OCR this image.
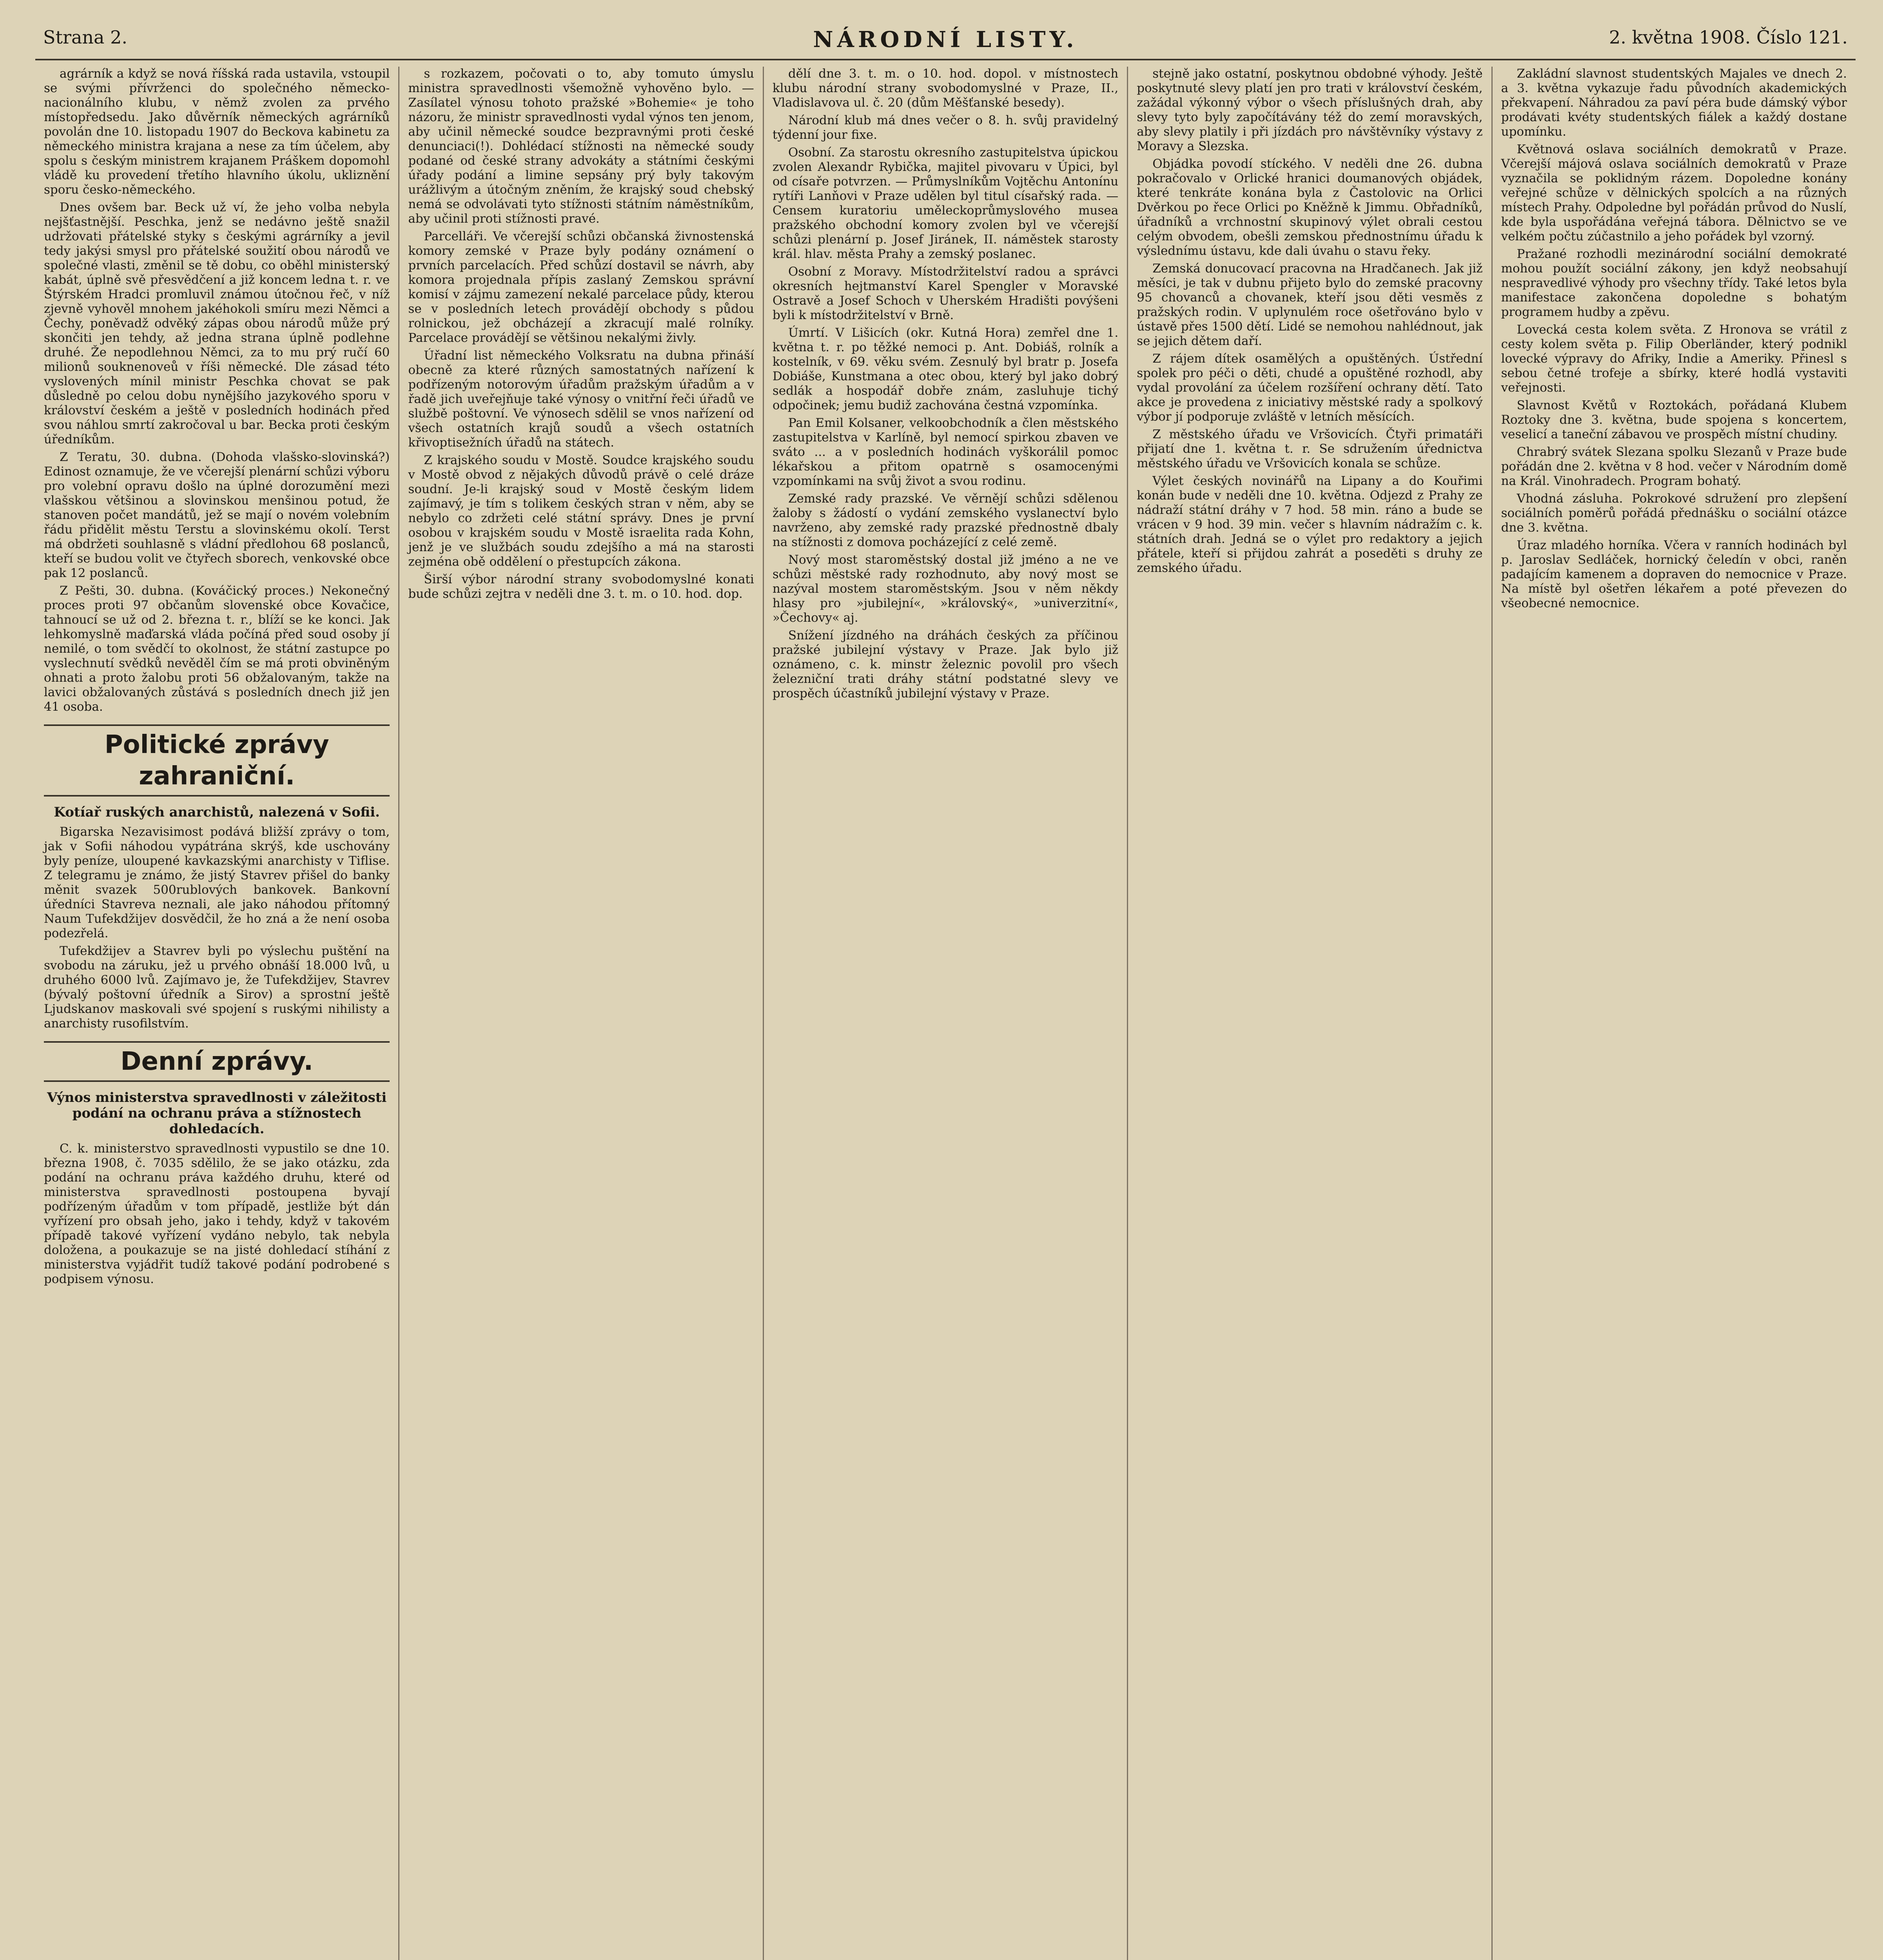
Strana 2.	NÁRODNÍ LISTY.	2. května 1908. Číslo 121.

agrárník a když se nová říšská rada ustavila, vstoupil se svými přívrženci do společného německo-nacionálního klubu, v němž zvolen za prvého místopředsedu. Jako důvěrník německých agrárníků povolán dne 10. listopadu 1907 do Beckova kabinetu za německého ministra krajana a nese za tím účelem, aby spolu s českým ministrem krajanem Práškem dopomohl vládě ku provedení třetího hlavního úkolu, ukliznění sporu česko-německého.

Dnes ovšem bar. Beck už ví, že jeho volba nebyla nejšťastnější. Peschka, jenž se nedávno ještě snažil udržovati přátelské styky s českými agrárníky a jevil tedy jakýsi smysl pro přátelské soužití obou národů ve společné vlasti, změnil se tě dobu, co oběhl ministerský kabát, úplně svě přesvědčení a již koncem ledna t. r. ve Štýrském Hradci promluvil známou útočnou řeč, v níž zjevně vyhověl mnohem jakéhokoli smíru mezi Němci a Čechy, poněvadž odvěký zápas obou národů může prý skončiti jen tehdy, až jedna strana úplně podlehne druhé. Že nepodlehnou Němci, za to mu prý ručí 60 milionů souknenoveů v říši německé. Dle zásad této vyslovených mínil ministr Peschka chovat se pak důsledně po celou dobu nynějšího jazykového sporu v království českém a ještě v posledních hodinách před svou náhlou smrtí zakročoval u bar. Becka proti českým úředníkům.

Z Teratu, 30. dubna. (Dohoda vlašsko-slovinská?) Edinost oznamuje, že ve včerejší plenární schůzi výboru pro volební opravu došlo na úplné dorozumění mezi vlašskou většinou a slovinskou menšinou potud, že stanoven počet mandátů, jež se mají o novém volebním řádu přidělit městu Terstu a slovinskému okolí. Terst má obdržeti souhlasně s vládní předlohou 68 poslanců, kteří se budou volit ve čtyřech sborech, venkovské obce pak 12 poslanců.

Z Pešti, 30. dubna. (Kováčický proces.) Nekonečný proces proti 97 občanům slovenské obce Kovačice, tahnoucí se už od 2. března t. r., blíží se ke konci. Jak lehkomyslně maďarská vláda počíná před soud osoby jí nemilé, o tom svědčí to okolnost, že státní zastupce po vyslechnutí svědků nevěděl čím se má proti obviněným ohnati a proto žalobu proti 56 obžalovaným, takže na lavici obžalovaných zůstává s posledních dnech již jen 41 osoba.

Politické zprávy zahraniční.
Kotíař ruských anarchistů, nalezená v Sofii.

Bigarska Nezavisimost podává bližší zprávy o tom, jak v Sofii náhodou vypátrána skrýš, kde uschovány byly peníze, uloupené kavkazskými anarchisty v Tiflise. Z telegramu je známo, že jistý Stavrev přišel do banky měnit svazek 500rublových bankovek. Bankovní úředníci Stavreva neznali, ale jako náhodou přítomný Naum Tufekdžijev dosvědčil, že ho zná a že není osoba podezřelá.

Tufekdžijev a Stavrev byli po výslechu puštění na svobodu na záruku, jež u prvého obnáší 18.000 lvů, u druhého 6000 lvů. Zajímavo je, že Tufekdžijev, Stavrev (bývalý poštovní úředník a Sirov) a sprostní ještě Ljudskanov maskovali své spojení s ruskými nihilisty a anarchisty rusofilstvím.

Denní zprávy.
Výnos ministerstva spravedlnosti v záležitosti podání na ochranu práva a stížnostech dohledacích.

C. k. ministerstvo spravedlnosti vypustilo se dne 10. března 1908, č. 7035 sdělilo, že se jako otázku, zda podání na ochranu práva každého druhu, které od ministerstva spravedlnosti postoupena byvají podřízeným úřadům v tom případě, jestliže být dán vyřízení pro obsah jeho, jako i tehdy, když v takovém případě takové vyřízení vydáno nebylo, tak nebyla doložena, a poukazuje se na jisté dohledací stíhání z ministerstva vyjádřit tudíž takové podání podrobené s podpisem výnosu.

s rozkazem, počovati o to, aby tomuto úmyslu ministra spravedlnosti všemožně vyhověno bylo. — Zasílatel výnosu tohoto pražské »Bohemie« je toho názoru, že ministr spravedlnosti vydal výnos ten jenom, aby učinil německé soudce bezpravnými proti české denunciaci(!). Dohlédací stížnosti na německé soudy podané od české strany advokáty a státními českými úřady podání a limine sepsány prý byly takovým urážlivým a útočným zněním, že krajský soud chebský nemá se odvolávati tyto stížnosti státním náměstníkům, aby učinil proti stížnosti pravé.

Parcelláři. Ve včerejší schůzi občanská živnostenská komory zemské v Praze byly podány oznámení o prvních parcelacích. Před schůzí dostavil se návrh, aby komora projednala přípis zaslaný Zemskou správní komisí v zájmu zamezení nekalé parcelace půdy, kterou se v posledních letech provádějí obchody s půdou rolnickou, jež obcházejí a zkracují malé rolníky. Parcelace provádějí se většinou nekalými živly.

Úřadní list německého Volksratu na dubna přináší obecně za které různých samostatných nařízení k podřízeným notorovým úřadům pražským úřadům a v řadě jich uveřejňuje také výnosy o vnitřní řeči úřadů ve službě poštovní. Ve výnosech sdělil se vnos nařízení od všech ostatních krajů soudů a všech ostatních křivoptisežních úřadů na státech.

Z krajského soudu v Mostě. Soudce krajského soudu v Mostě obvod z nějakých důvodů právě o celé dráze soudní. Je-li krajský soud v Mostě českým lidem zajímavý, je tím s tolikem českých stran v něm, aby se nebylo co zdržeti celé státní správy. Dnes je první osobou v krajském soudu v Mostě israelita rada Kohn, jenž je ve službách soudu zdejšího a má na starosti zejména obě oddělení o přestupcích zákona.

Širší výbor národní strany svobodomyslné konati bude schůzi zejtra v neděli dne 3. t. m. o 10. hod. dop.

dělí dne 3. t. m. o 10. hod. dopol. v místnostech klubu národní strany svobodomyslné v Praze, II., Vladislavova ul. č. 20 (dům Měšťanské besedy).

Národní klub má dnes večer o 8. h. svůj pravidelný týdenní jour fixe.

Osobní. Za starostu okresního zastupitelstva úpickou zvolen Alexandr Rybička, majitel pivovaru v Úpici, byl od císaře potvrzen. — Průmyslníkům Vojtěchu Antonínu rytíři Lanňovi v Praze udělen byl titul císařský rada. — Censem kuratoriu uměleckoprůmyslového musea pražského obchodní komory zvolen byl ve včerejší schůzi plenární p. Josef Jiránek, II. náměstek starosty král. hlav. města Prahy a zemský poslanec.

Osobní z Moravy. Místodržitelství radou a správci okresních hejtmanství Karel Spengler v Moravské Ostravě a Josef Schoch v Uherském Hradišti povýšeni byli k místodržitelství v Brně.

Úmrtí. V Lišicích (okr. Kutná Hora) zemřel dne 1. května t. r. po těžké nemoci p. Ant. Dobiáš, rolník a kostelník, v 69. věku svém. Zesnulý byl bratr p. Josefa Dobiáše, Kunstmana a otec obou, který byl jako dobrý sedlák a hospodář dobře znám, zasluhuje tichý odpočinek; jemu budiž zachována čestná vzpomínka.

Pan Emil Kolsaner, velkoobchodník a člen městského zastupitelstva v Karlíně, byl nemocí spirkou zbaven ve sváto ... a v posledních hodinách vyškorálil pomoc lékařskou a přitom opatrně s osamocenými vzpomínkami na svůj život a svou rodinu.

Zemské rady prazské. Ve věrnějí schůzi sdělenou žaloby s žádostí o vydání zemského vyslanectví bylo navrženo, aby zemské rady prazské přednostně dbaly na stížnosti z domova pocházející z celé země.

Nový most staroměstský dostal již jméno a ne ve schůzi městské rady rozhodnuto, aby nový most se nazýval mostem staroměstským. Jsou v něm někdy hlasy pro »jubilejní«, »královský«, »univerzitní«, »Čechovy« aj.

Snížení jízdného na dráhách českých za příčinou pražské jubilejní výstavy v Praze. Jak bylo již oznámeno, c. k. minstr železnic povolil pro všech železniční trati dráhy státní podstatné slevy ve prospěch účastníků jubilejní výstavy v Praze.

stejně jako ostatní, poskytnou obdobné výhody. Ještě poskytnuté slevy platí jen pro trati v království českém, zažádal výkonný výbor o všech příslušných drah, aby slevy tyto byly započítávány též do zemí moravských, aby slevy platily i při jízdách pro návštěvníky výstavy z Moravy a Slezska.

Objádka povodí stíckého. V neděli dne 26. dubna pokračovalo v Orlické hranici doumanových objádek, které tenkráte konána byla z Častolovic na Orlici Dvěrkou po řece Orlici po Kněžně k Jimmu. Obřadníků, úřadníků a vrchnostní skupinový výlet obrali cestou celým obvodem, obešli zemskou přednostnímu úřadu k výslednímu ústavu, kde dali úvahu o stavu řeky.

Zemská donucovací pracovna na Hradčanech. Jak již měsíci, je tak v dubnu přijeto bylo do zemské pracovny 95 chovanců a chovanek, kteří jsou děti vesměs z pražských rodin. V uplynulém roce ošetřováno bylo v ústavě přes 1500 dětí. Lidé se nemohou nahlédnout, jak se jejich dětem daří.

Z rájem dítek osamělých a opuštěných. Ústřední spolek pro péči o děti, chudé a opuštěné rozhodl, aby vydal provolání za účelem rozšíření ochrany dětí. Tato akce je provedena z iniciativy městské rady a spolkový výbor jí podporuje zvláště v letních měsících.

Z městského úřadu ve Vršovicích. Čtyři primatáři přijatí dne 1. května t. r. Se sdružením úřednictva městského úřadu ve Vršovicích konala se schůze.

Výlet českých novinářů na Lipany a do Kouřimi konán bude v neděli dne 10. května. Odjezd z Prahy ze nádraží státní dráhy v 7 hod. 58 min. ráno a bude se vrácen v 9 hod. 39 min. večer s hlavním nádražím c. k. státních drah. Jedná se o výlet pro redaktory a jejich přátele, kteří si přijdou zahrát a poseděti s druhy ze zemského úřadu.

Zakládní slavnost studentských Majales ve dnech 2. a 3. května vykazuje řadu původních akademických překvapení. Náhradou za paví péra bude dámský výbor prodávati kvéty studentských fiálek a každý dostane upomínku.

Květnová oslava sociálních demokratů v Praze. Včerejší májová oslava sociálních demokratů v Praze vyznačila se poklidným rázem. Dopoledne konány veřejné schůze v dělnických spolcích a na různých místech Prahy. Odpoledne byl pořádán průvod do Nuslí, kde byla uspořádána veřejná tábora. Dělnictvo se ve velkém počtu zúčastnilo a jeho pořádek byl vzorný.

Pražané rozhodli mezinárodní sociální demokraté mohou použít sociální zákony, jen když neobsahují nespravedlivé výhody pro všechny třídy. Také letos byla manifestace zakončena dopoledne s bohatým programem hudby a zpěvu.

Lovecká cesta kolem světa. Z Hronova se vrátil z cesty kolem světa p. Filip Oberländer, který podnikl lovecké výpravy do Afriky, Indie a Ameriky. Přinesl s sebou četné trofeje a sbírky, které hodlá vystaviti veřejnosti.

Slavnost Květů v Roztokách, pořádaná Klubem Roztoky dne 3. května, bude spojena s koncertem, veselicí a taneční zábavou ve prospěch místní chudiny.

Chrabrý svátek Slezana spolku Slezanů v Praze bude pořádán dne 2. května v 8 hod. večer v Národním domě na Král. Vinohradech. Program bohatý.

Vhodná zásluha. Pokrokové sdružení pro zlepšení sociálních poměrů pořádá přednášku o sociální otázce dne 3. května.

Úraz mladého horníka. Včera v ranních hodinách byl p. Jaroslav Sedláček, hornický čeledín v obci, raněn padajícím kamenem a dopraven do nemocnice v Praze. Na místě byl ošetřen lékařem a poté převezen do všeobecné nemocnice.
